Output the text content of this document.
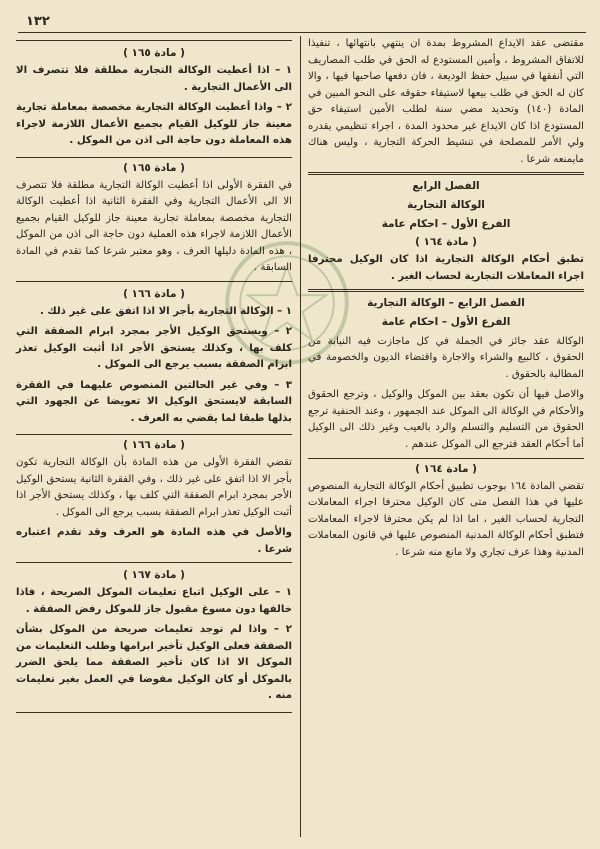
١٣٢

مقتضى عقد الايداع المشروط بمدة ان ينتهي بانتهائها ، تنفيذا للاتفاق المشروط ، وأمين المستودع له الحق في طلب المصاريف التي أنفقها في سبيل حفظ الوديعة ، فان دفعها صاحبها فيها ، والا كان له الحق في طلب بيعها لاستيفاء حقوقه على النحو المبين في المادة (١٤٠) وتحديد مضي سنة لطلب الأمين استيفاء حق المستودع اذا كان الايداع غير محدود المدة ، اجراء تنظيمي يقدره ولي الأمر للمصلحة في تنشيط الحركة التجارية ، وليس هناك مايمنعه شرعا .

الفصل الرابع
الوكالة التجارية
الفرع الأول – احكام عامة
( مادة ١٦٤ )

تطبق أحكام الوكالة التجارية اذا كان الوكيل محترفا اجراء المعاملات التجارية لحساب الغير .

الفصل الرابع – الوكالة التجارية
الفرع الأول – احكام عامة

الوكالة عقد جائز في الجملة في كل ماجازت فيه النيابة من الحقوق ، كالبيع والشراء والاجارة واقتضاء الديون والخصومة في المطالبة بالحقوق .

والاصل فيها أن تكون بعقد بين الموكل والوكيل ، وترجع الحقوق والأحكام في الوكالة الى الموكل عند الجمهور ، وعند الحنفية ترجع الحقوق من التسليم والتسلم والرد بالعيب وغير ذلك الى الوكيل أما أحكام العقد فترجع الى الموكل عندهم .

( مادة ١٦٤ )

تقضي المادة ١٦٤ بوجوب تطبيق أحكام الوكالة التجارية المنصوص عليها في هذا الفصل متى كان الوكيل محترفا اجراء المعاملات التجارية لحساب الغير ، اما اذا لم يكن محترفا لاجراء المعاملات فتطبق أحكام الوكالة المدنية المنصوص عليها في قانون المعاملات المدنية وهذا عرف تجاري ولا مانع منه شرعا .

( مادة ١٦٥ )

١ – اذا أعطيت الوكالة التجارية مطلقة فلا تتصرف الا الى الأعمال التجارية .

٢ – واذا أعطيت الوكالة التجارية مخصصة بمعاملة تجارية معينة جاز للوكيل القيام بجميع الأعمال اللازمة لاجراء هذه المعاملة دون حاجة الى اذن من الموكل .

( مادة ١٦٥ )

في الفقرة الأولى اذا أعطيت الوكالة التجارية مطلقة فلا تتصرف الا الى الأعمال التجارية وفي الفقرة الثانية اذا أعطيت الوكالة التجارية مخصصة بمعاملة تجارية معينة جاز للوكيل القيام بجميع الأعمال اللازمة لاجراء هذه العملية دون حاجة الى اذن من الموكل ، هذه المادة دليلها العرف ، وهو معتبر شرعا كما تقدم في المادة السابقة .

( مادة ١٦٦ )

١ – الوكالة التجارية بأجر الا اذا اتفق على غير ذلك .

٢ – ويستحق الوكيل الأجر بمجرد ابرام الصفقة التي كلف بها ، وكذلك يستحق الأجر اذا أثبت الوكيل تعذر ابرام الصفقة بسبب يرجع الى الموكل .

٣ – وفي غير الحالتين المنصوص عليهما في الفقرة السابقة لايستحق الوكيل الا تعويضا عن الجهود التي بذلها طبقا لما يقضي به العرف .

( مادة ١٦٦ )

تقضي الفقرة الأولى من هذه المادة بأن الوكالة التجارية تكون بأجر الا اذا اتفق على غير ذلك ، وفي الفقرة الثانية يستحق الوكيل الأجر بمجرد ابرام الصفقة التي كلف بها ، وكذلك يستحق الأجر اذا أثبت الوكيل تعذر ابرام الصفقة بسبب يرجع الى الموكل .

والأصل في هذه المادة هو العرف وقد تقدم اعتباره شرعا .

( مادة ١٦٧ )

١ – على الوكيل اتباع تعليمات الموكل الصريحة ، فاذا خالفها دون مسوغ مقبول جاز للموكل رفض الصفقة .

٢ – واذا لم توجد تعليمات صريحة من الموكل بشأن الصفقة فعلى الوكيل تأخير ابرامها وطلب التعليمات من الموكل الا اذا كان تأخير الصفقة مما يلحق الضرر بالموكل أو كان الوكيل مفوضا في العمل بغير تعليمات منه .
